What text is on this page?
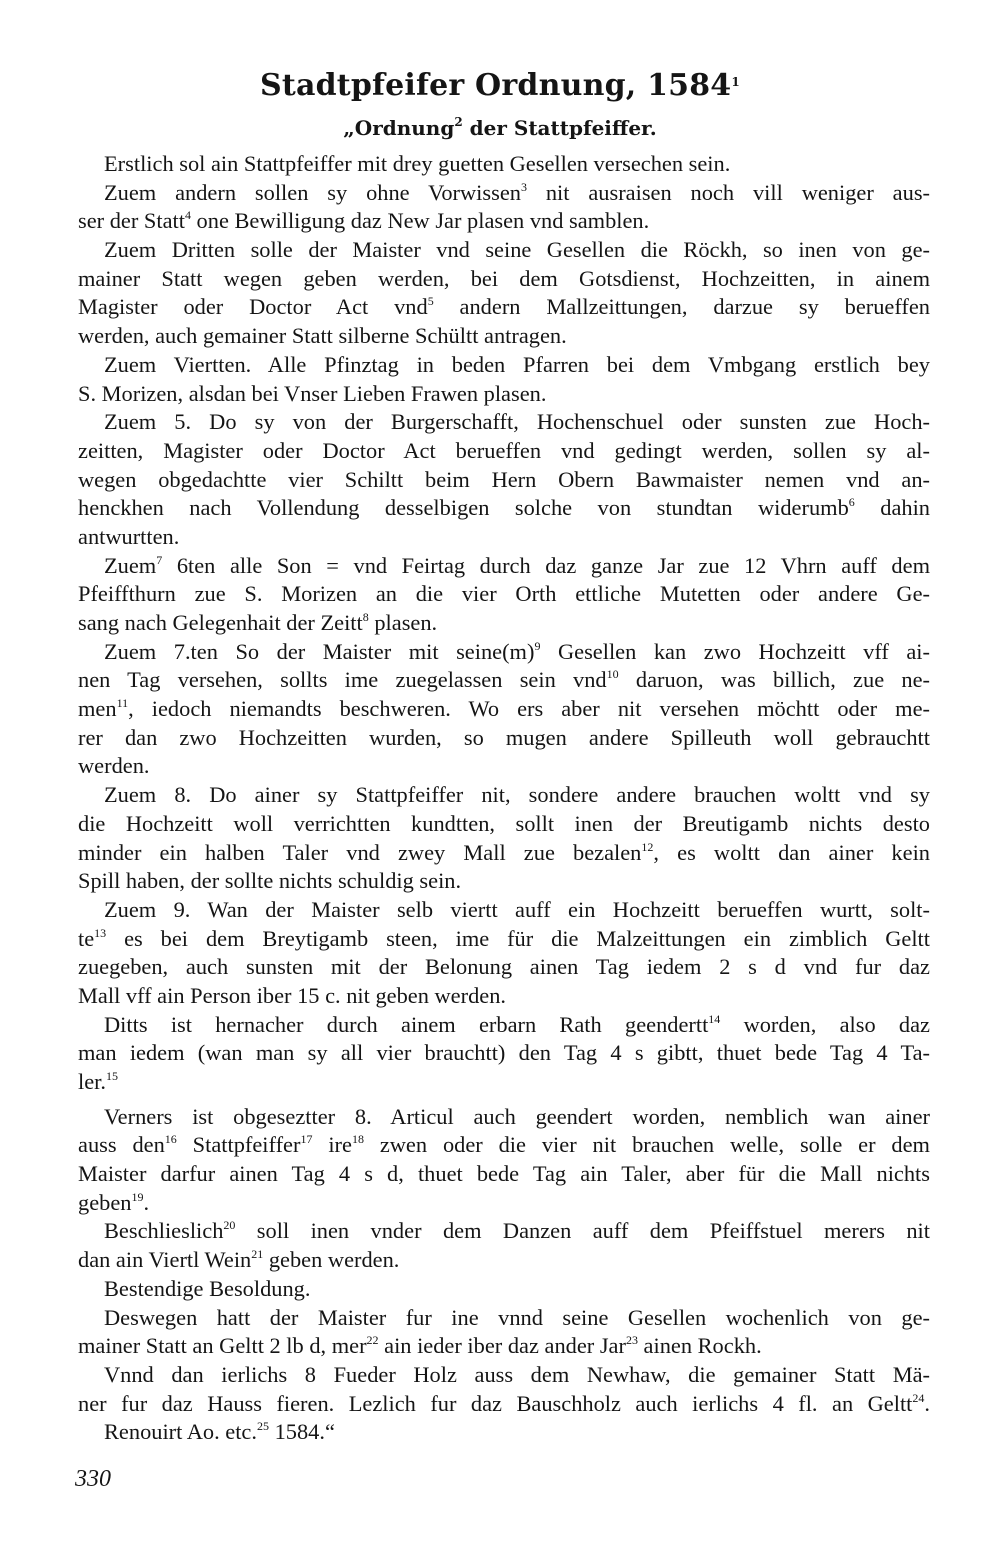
Stadtpfeifer Ordnung, 1584$^1$
„Ordnung$^2$ der Stattpfeiffer.
Erstlich sol ain Stattpfeiffer mit drey guetten Gesellen versechen sein.
Zuem andern sollen sy ohne Vorwissen$^3$ nit ausraisen noch vill weniger aus-
ser der Statt$^4$ one Bewilligung daz New Jar plasen vnd samblen.
Zuem Dritten solle der Maister vnd seine Gesellen die Röckh, so inen von ge-
mainer Statt wegen geben werden, bei dem Gotsdienst, Hochzeitten, in ainem
Magister oder Doctor Act vnd$^5$ andern Mallzeittungen, darzue sy berueffen
werden, auch gemainer Statt silberne Schültt antragen.
Zuem Viertten. Alle Pfinztag in beden Pfarren bei dem Vmbgang erstlich bey
S. Morizen, alsdan bei Vnser Lieben Frawen plasen.
Zuem 5. Do sy von der Burgerschafft, Hochenschuel oder sunsten zue Hoch-
zeitten, Magister oder Doctor Act berueffen vnd gedingt werden, sollen sy al-
wegen obgedachtte vier Schiltt beim Hern Obern Bawmaister nemen vnd an-
henckhen nach Vollendung desselbigen solche von stundtan widerumb$^6$ dahin
antwurtten.
Zuem$^7$ 6ten alle Son = vnd Feirtag durch daz ganze Jar zue 12 Vhrn auff dem
Pfeiffthurn zue S. Morizen an die vier Orth ettliche Mutetten oder andere Ge-
sang nach Gelegenhait der Zeitt$^8$ plasen.
Zuem 7.ten So der Maister mit $seine(m)^9$ Gesellen kan zwo Hochzeitt vff ai-
nen Tag versehen, sollts ime zuegelassen sein vnd$^{10}$ daruon, was billich, zue ne-
men$^{11}$, iedoch niemandts beschweren. Wo ers aber nit versehen möchtt oder me-
rer dan zwo Hochzeitten wurden, so mugen andere Spilleuth woll gebrauchtt
werden.
Zuem 8. Do ainer sy Stattpfeiffer nit, sondere andere brauchen woltt vnd sy
die Hochzeitt woll verrichtten kundtten, sollt inen der Breutigamb nichts desto
minder ein halben Taler vnd zwey Mall zue bezalen$^{12}$, es woltt dan ainer kein
Spill haben, der sollte nichts schuldig sein.
Zuem 9. Wan der Maister selb viertt auff ein Hochzeitt berueffen wurtt, solt-
$te^{13}$ es bei dem Breytigamb steen, ime für die Malzeittungen ein zimblich Geltt
zuegeben, auch sunsten mit der Belonung ainen Tag iedem 2 s d vnd fur daz
Mall vff ain Person iber 15 c. nit geben werden.
Ditts ist hernacher durch ainem erbarn Rath geendertt$^{14}$ worden, also daz
man iedem (wan man sy all vier brauchtt) den Tag 4 s gibtt, thuet bede Tag 4 Ta-
ler.$^{15}$
Verners ist obgeseztter 8. Articul auch geendert worden, nemblich wan ainer
auss den$^{16}$ Stattpfeiffer$^{17}$ ire$^{18}$ zwen oder die vier nit brauchen welle, solle er dem
Maister darfur ainen Tag 4 s d, thuet bede Tag ain Taler, aber für die Mall nichts
geben$^{19}$.
Beschlieslich$^{20}$ soll inen vnder dem Danzen auff dem Pfeiffstuel merers nit
dan ain Viertl Wein$^{21}$ geben werden.
Bestendige Besoldung.
Deswegen hatt der Maister fur ine vnnd seine Gesellen wochenlich von ge-
mainer Statt an Geltt 2 lb d, mer$^{22}$ ain ieder iber daz ander Jar$^{23}$ ainen Rockh.
Vnnd dan ierlichs 8 Fueder Holz auss dem Newhaw, die gemainer Statt Mä-
ner fur daz Hauss fieren. Lezlich fur daz Bauschholz auch ierlichs 4 fl. an Geltt$^{24}$.
Renouirt Ao. etc.$^{25}$ 1584.“
330
